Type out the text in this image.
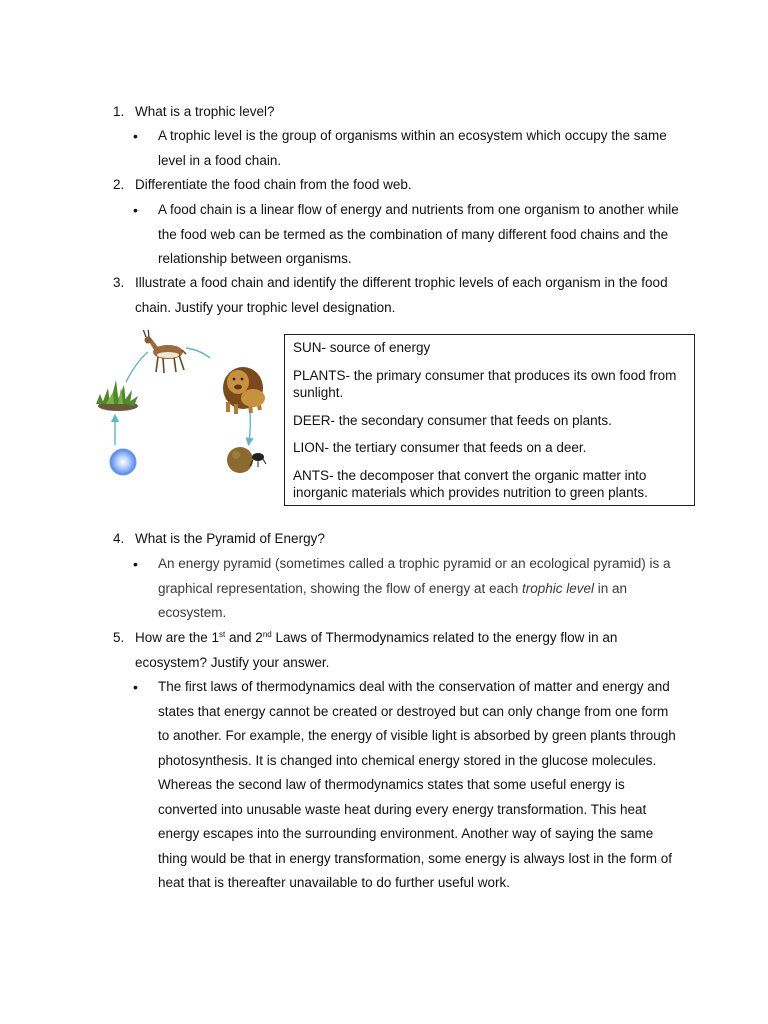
1. What is a trophic level?
•	A trophic level is the group of organisms within an ecosystem which occupy the same level in a food chain.
2. Differentiate the food chain from the food web.
•	A food chain is a linear flow of energy and nutrients from one organism to another while the food web can be termed as the combination of many different food chains and the relationship between organisms.
3. Illustrate a food chain and identify the different trophic levels of each organism in the food chain. Justify your trophic level designation.

SUN- source of energy

PLANTS- the primary consumer that produces its own food from sunlight.

DEER- the secondary consumer that feeds on plants.

LION- the tertiary consumer that feeds on a deer.

ANTS- the decomposer that convert the organic matter into inorganic materials which provides nutrition to green plants.

4. What is the Pyramid of Energy?
•	An energy pyramid (sometimes called a trophic pyramid or an ecological pyramid) is a graphical representation, showing the flow of energy at each trophic level in an ecosystem.
5. How are the 1st and 2nd Laws of Thermodynamics related to the energy flow in an ecosystem? Justify your answer.
•	The first laws of thermodynamics deal with the conservation of matter and energy and states that energy cannot be created or destroyed but can only change from one form to another. For example, the energy of visible light is absorbed by green plants through photosynthesis. It is changed into chemical energy stored in the glucose molecules. Whereas the second law of thermodynamics states that some useful energy is converted into unusable waste heat during every energy transformation. This heat energy escapes into the surrounding environment. Another way of saying the same thing would be that in energy transformation, some energy is always lost in the form of heat that is thereafter unavailable to do further useful work.
